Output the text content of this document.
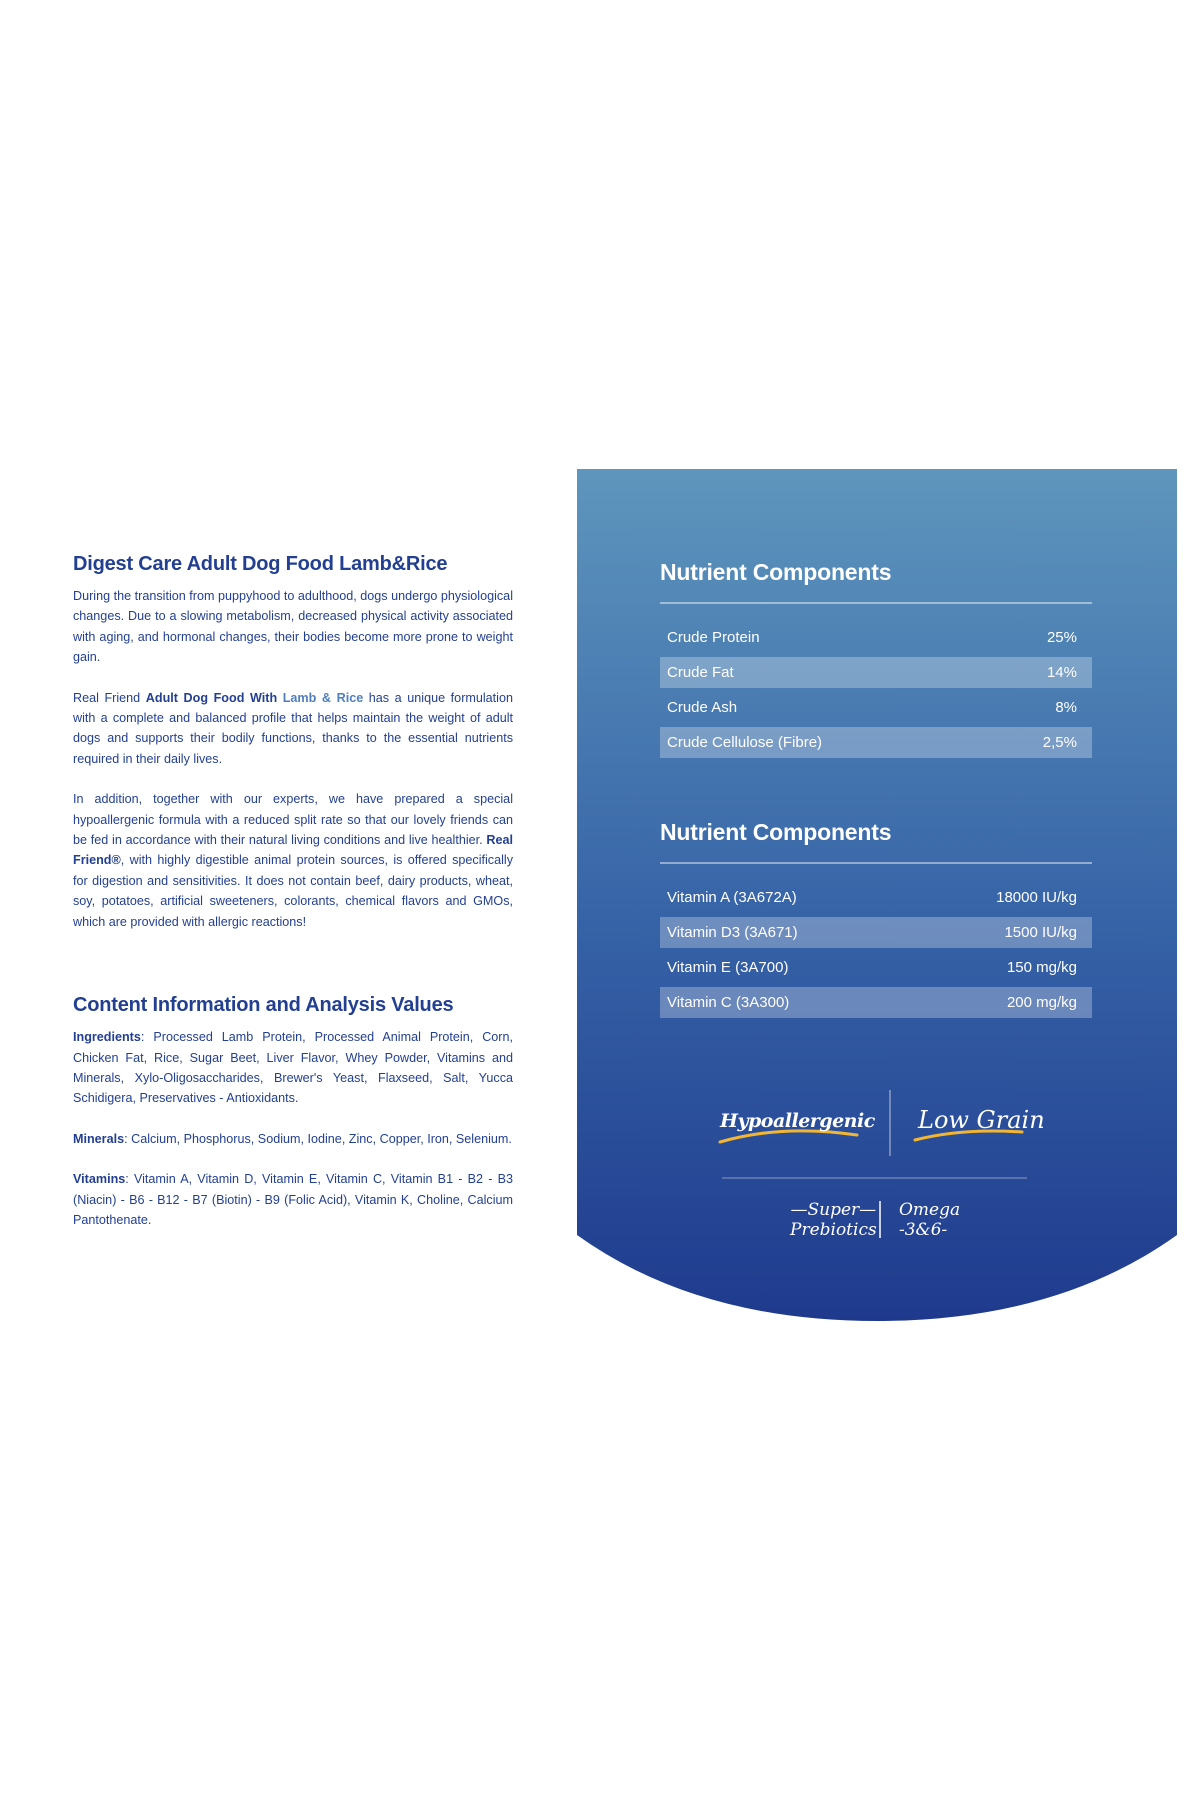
Digest Care Adult Dog Food Lamb&Rice

During the transition from puppyhood to adulthood, dogs undergo physiological changes. Due to a slowing metabolism, decreased physical activity associated with aging, and hormonal changes, their bodies become more prone to weight gain.

Real Friend Adult Dog Food With Lamb & Rice has a unique formulation with a complete and balanced profile that helps maintain the weight of adult dogs and supports their bodily functions, thanks to the essential nutrients required in their daily lives.

In addition, together with our experts, we have prepared a special hypoallergenic formula with a reduced split rate so that our lovely friends can be fed in accordance with their natural living conditions and live healthier. Real Friend®, with highly digestible animal protein sources, is offered specifically for digestion and sensitivities. It does not contain beef, dairy products, wheat, soy, potatoes, artificial sweeteners, colorants, chemical flavors and GMOs, which are provided with allergic reactions!

Content Information and Analysis Values

Ingredients: Processed Lamb Protein, Processed Animal Protein, Corn, Chicken Fat, Rice, Sugar Beet, Liver Flavor, Whey Powder, Vitamins and Minerals, Xylo-Oligosaccharides, Brewer's Yeast, Flaxseed, Salt, Yucca Schidigera, Preservatives - Antioxidants.

Minerals: Calcium, Phosphorus, Sodium, Iodine, Zinc, Copper, Iron, Selenium.

Vitamins: Vitamin A, Vitamin D, Vitamin E, Vitamin C, Vitamin B1 - B2 - B3 (Niacin) - B6 - B12 - B7 (Biotin) - B9 (Folic Acid), Vitamin K, Choline, Calcium Pantothenate.

Nutrient Components
Crude Protein	25%
Crude Fat	14%
Crude Ash	8%
Crude Cellulose (Fibre)	2,5%
Nutrient Components
Vitamin A (3A672A)	18000 IU/kg
Vitamin D3 (3A671)	1500 IU/kg
Vitamin E (3A700)	150 mg/kg
Vitamin C (3A300)	200 mg/kg
Hypoallergenic Low Grain
—Super—
Prebiotics
Omega
-3&6-
